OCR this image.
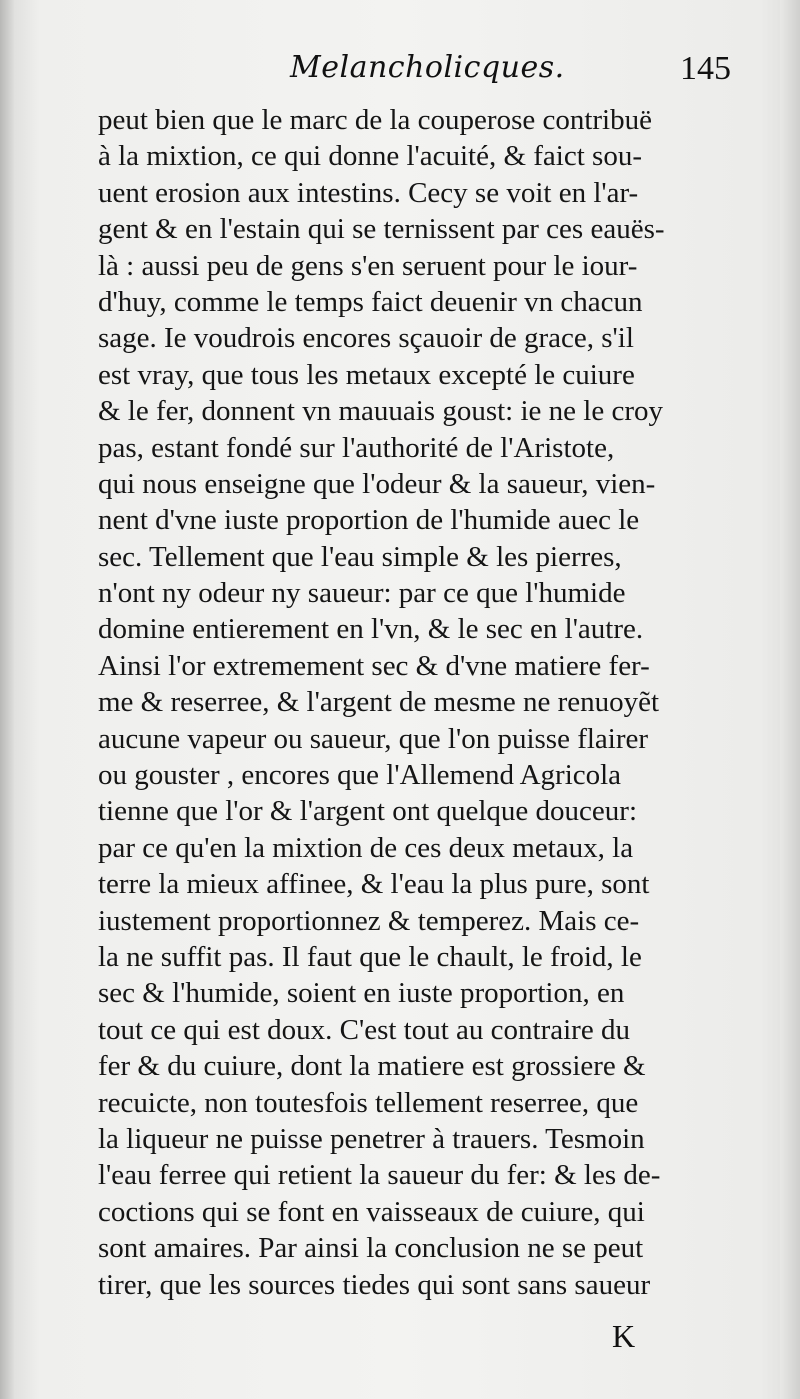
Melancholicques.	145
peut bien que le marc de la couperose contribuë
à la mixtion, ce qui donne l'acuité, & faict sou-
uent erosion aux intestins. Cecy se voit en l'ar-
gent & en l'estain qui se ternissent par ces eauës-
là : aussi peu de gens s'en seruent pour le iour-
d'huy, comme le temps faict deuenir vn chacun
sage. Ie voudrois encores sçauoir de grace, s'il
est vray, que tous les metaux excepté le cuiure
& le fer, donnent vn mauuais goust: ie ne le croy
pas, estant fondé sur l'authorité de l'Aristote,
qui nous enseigne que l'odeur & la saueur, vien-
nent d'vne iuste proportion de l'humide auec le
sec. Tellement que l'eau simple & les pierres,
n'ont ny odeur ny saueur: par ce que l'humide
domine entierement en l'vn, & le sec en l'autre.
Ainsi l'or extremement sec & d'vne matiere fer-
me & reserree, & l'argent de mesme ne renuoyẽt
aucune vapeur ou saueur, que l'on puisse flairer
ou gouster , encores que l'Allemend Agricola
tienne que l'or & l'argent ont quelque douceur:
par ce qu'en la mixtion de ces deux metaux, la
terre la mieux affinee, & l'eau la plus pure, sont
iustement proportionnez & temperez. Mais ce-
la ne suffit pas. Il faut que le chault, le froid, le
sec & l'humide, soient en iuste proportion, en
tout ce qui est doux. C'est tout au contraire du
fer & du cuiure, dont la matiere est grossiere &
recuicte, non toutesfois tellement reserree, que
la liqueur ne puisse penetrer à trauers. Tesmoin
l'eau ferree qui retient la saueur du fer: & les de-
coctions qui se font en vaisseaux de cuiure, qui
sont amaires. Par ainsi la conclusion ne se peut
tirer, que les sources tiedes qui sont sans saueur
K
